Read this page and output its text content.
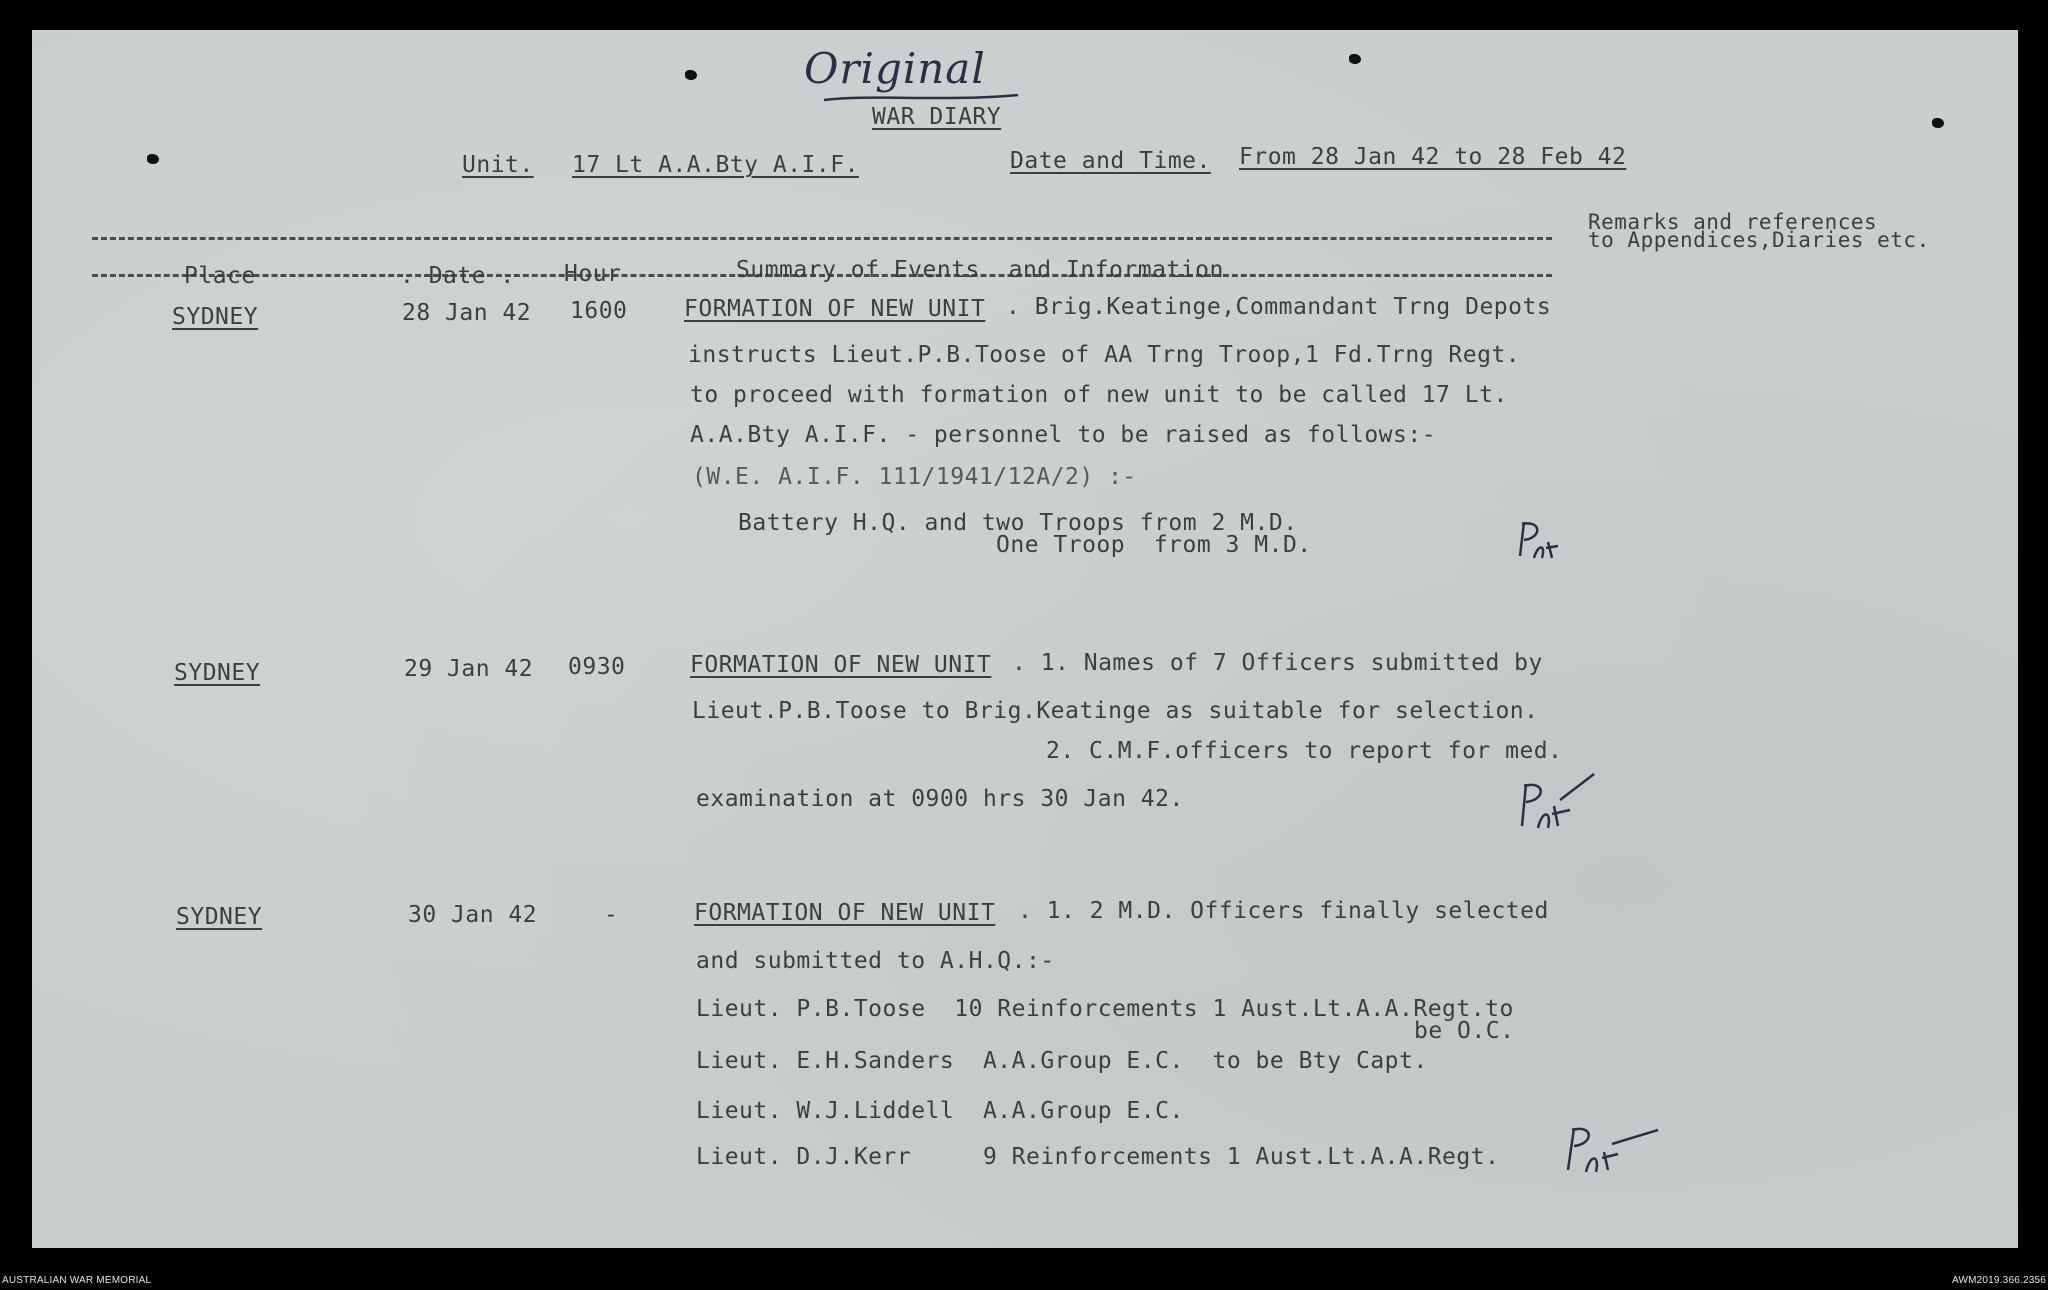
Original
WAR DIARY
Unit. 17 Lt A.A.Bty A.I.F.	Date and Time. From 28 Jan 42 to 28 Feb 42
Place	. Date . Hour	Summary of Events  and Information
Remarks and references
to Appendices,Diaries etc.
SYDNEY	28 Jan 42 1600 FORMATION OF NEW UNIT . Brig.Keatinge,Commandant Trng Depots
instructs Lieut.P.B.Toose of AA Trng Troop,1 Fd.Trng Regt.
to proceed with formation of new unit to be called 17 Lt.
A.A.Bty A.I.F. - personnel to be raised as follows:-
(W.E. A.I.F. 111/1941/12A/2) :-
Battery H.Q. and two Troops from 2 M.D.
One Troop  from 3 M.D.
SYDNEY	29 Jan 42 0930	FORMATION OF NEW UNIT . 1. Names of 7 Officers submitted by
Lieut.P.B.Toose to Brig.Keatinge as suitable for selection.
2. C.M.F.officers to report for med.
examination at 0900 hrs 30 Jan 42.
SYDNEY	30 Jan 42	-	FORMATION OF NEW UNIT . 1. 2 M.D. Officers finally selected
and submitted to A.H.Q.:-
Lieut. P.B.Toose  10 Reinforcements 1 Aust.Lt.A.A.Regt.to
be O.C.
Lieut. E.H.Sanders  A.A.Group E.C.  to be Bty Capt.
Lieut. W.J.Liddell  A.A.Group E.C.
Lieut. D.J.Kerr     9 Reinforcements 1 Aust.Lt.A.A.Regt.
AUSTRALIAN WAR MEMORIAL	AWM2019.366.2356
